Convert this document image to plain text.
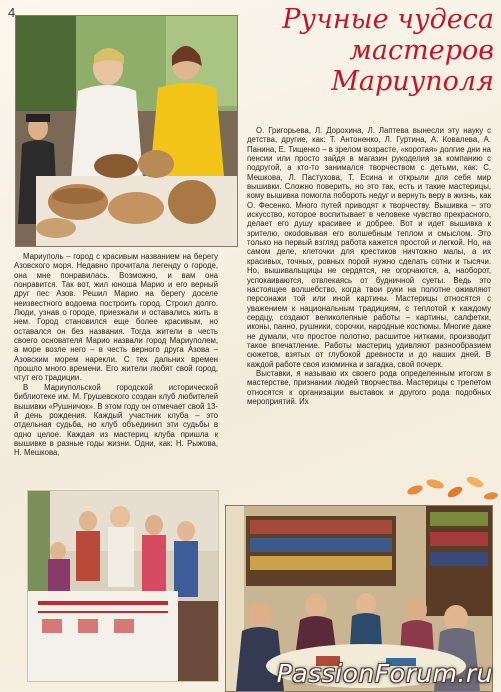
4	Ручные чудеса
мастеров
Мариуполя

Мариуполь – город с красивым названием на берегу Азовского моря. Недавно прочитала легенду о городе, она мне понравилась. Возможно, и вам она понравится. Так вот, жил юноша Марио и его верный друг пес Азов. Решил Марио на берегу доселе неизвестного водоема построить город. Строил долго. Люди, узнав о городе, приезжали и оставались жить в нем. Город становился еще более красивым, но оставался он без названия. Тогда жители в честь своего основателя Марио назвали город Мариуполем, а море возле него – в честь верного друга Азова – Азовским морем нарекли. С тех дальних времен прошло много времени. Его жители любят свой город, чтут его традиции.

В Мариупольской городской исторической библиотеке им. М. Грушевского создан клуб любителей вышивки «Рушничок». В этом году он отмечает свой 13-й день рождения. Каждый участник клуба – это отдельная судьба, но клуб объединил эти судьбы в одно целое. Каждая из мастериц клуба пришла к вышивке в разные годы жизни. Одни, как: Н. Рыжова, Н. Мешкова,

О. Григорьева, Л. Дорохина, Л. Лаптева вынесли эту науку с детства, другие, как: Т. Антоненко, Л. Гуртина, А. Ковалева, А. Панина, Е. Тищенко – в зрелом возрасте, «коротая» долгие дни на пенсии или просто зайдя в магазин рукоделия за компанию с подругой, а кто-то занимался творчеством с детьми, как: С. Мешкова, Л. Пастухова, Т. Есина и открыли для себя мир вышивки. Сложно поверить, но это так, есть и такие мастерицы, кому вышивка помогла побороть недуг и вернуть веру в жизнь, как О. Фесенко. Много путей приводят к творчеству. Вышивка – это искусство, которое воспитывает в человеке чувство прекрасного, делает его душу красивее и добрее. Вот и идет вышивка к зрителю, окоdовывая его волшебным теплом и смыслом. Это только на первый взгляд работа кажется простой и легкой. Но, на самом деле, клеточки для крестиков ничтожно малы, а их красивых, точных, ровных порой нужно сделать сотни и тысячи. Но, вышивальщицы не сердятся, не огорчаются, а, наоборот, успокаиваются, отвлекаясь от будничной суеты. Ведь это настоящее волшебство, когда твои руки на полотне оживляют персонажи той или иной картины. Мастерицы относятся с уважением к национальным традициям, с теплотой к каждому сердцу, создают великолепные работы – картины, салфетки, иконы, панно, рушники, сорочки, народные костюмы. Многие даже не думали, что простое полотно, расшитое нитками, производит такое впечатление. Работы мастериц удивляют разнообразием сюжетов, взятых от глубокой древности и до наших дней. В каждой работе своя изюминка и загадка, свой почерк.

Выставки, я называю их своего рода определенным итогом в мастерстве, признании людей творчества. Мастерицы с трепетом относятся к организации выставок и другого рода подобных мероприятий. Их

PassionForum.ru
